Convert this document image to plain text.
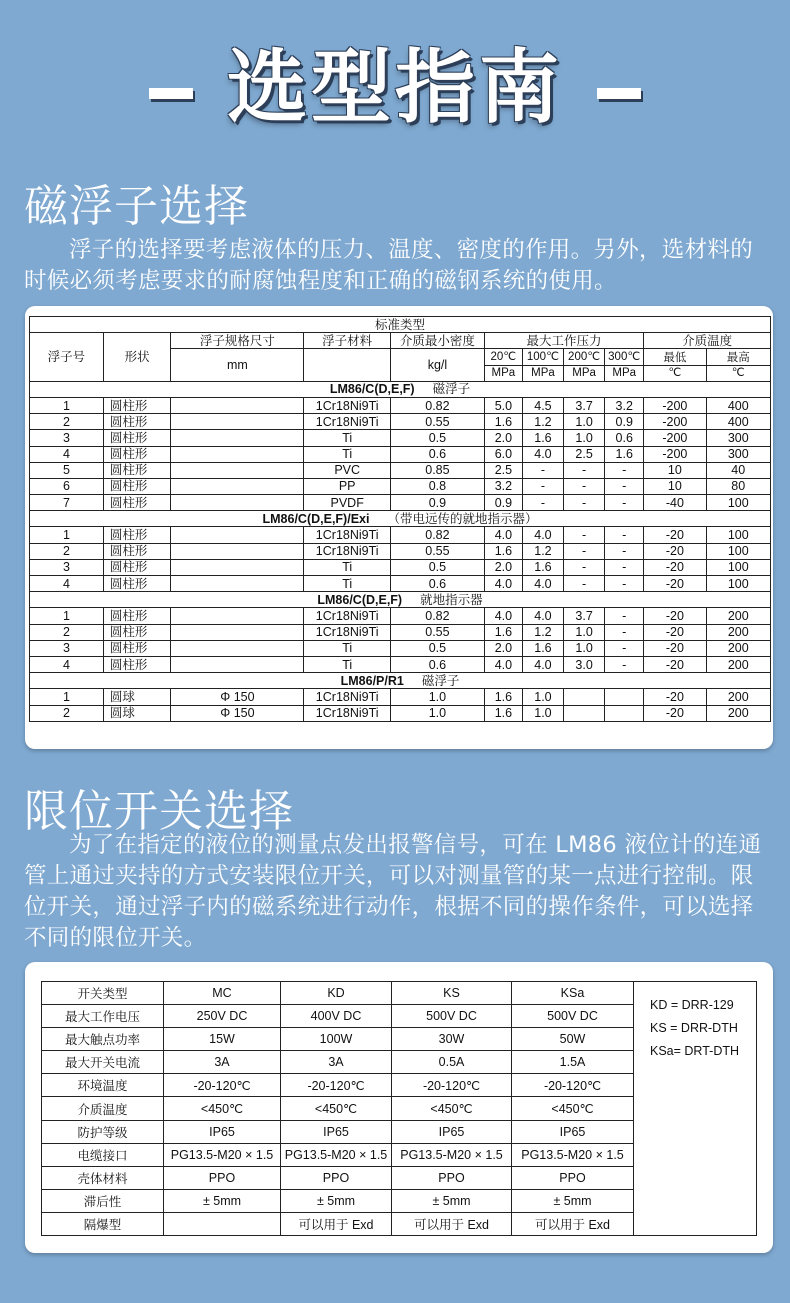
选型指南
磁浮子选择
浮子的选择要考虑液体的压力、温度、密度的作用。另外，选材料的时候必须考虑要求的耐腐蚀程度和正确的磁钢系统的使用。
标准类型										
浮子号	形状	浮子规格尺寸	浮子材料	介质最小密度	最大工作压力				介质温度	
		mm		kg/l	20℃	100℃	200℃	300℃	最低	最高
					MPa	MPa	MPa	MPa	℃	℃
LM86/C(D,E,F) 磁浮子										
1	圆柱形		1Cr18Ni9Ti	0.82	5.0	4.5	3.7	3.2	-200	400
2	圆柱形		1Cr18Ni9Ti	0.55	1.6	1.2	1.0	0.9	-200	400
3	圆柱形		Ti	0.5	2.0	1.6	1.0	0.6	-200	300
4	圆柱形		Ti	0.6	6.0	4.0	2.5	1.6	-200	300
5	圆柱形		PVC	0.85	2.5	-	-	-	10	40
6	圆柱形		PP	0.8	3.2	-	-	-	10	80
7	圆柱形		PVDF	0.9	0.9	-	-	-	-40	100
LM86/C(D,E,F)/Exi （带电远传的就地指示器）										
1	圆柱形		1Cr18Ni9Ti	0.82	4.0	4.0	-	-	-20	100
2	圆柱形		1Cr18Ni9Ti	0.55	1.6	1.2	-	-	-20	100
3	圆柱形		Ti	0.5	2.0	1.6	-	-	-20	100
4	圆柱形		Ti	0.6	4.0	4.0	-	-	-20	100
LM86/C(D,E,F) 就地指示器										
1	圆柱形		1Cr18Ni9Ti	0.82	4.0	4.0	3.7	-	-20	200
2	圆柱形		1Cr18Ni9Ti	0.55	1.6	1.2	1.0	-	-20	200
3	圆柱形		Ti	0.5	2.0	1.6	1.0	-	-20	200
4	圆柱形		Ti	0.6	4.0	4.0	3.0	-	-20	200
LM86/P/R1 磁浮子										
1	圆球	Φ 150	1Cr18Ni9Ti	1.0	1.6	1.0			-20	200
2	圆球	Φ 150	1Cr18Ni9Ti	1.0	1.6	1.0			-20	200
限位开关选择
为了在指定的液位的测量点发出报警信号，可在 LM86 液位计的连通管上通过夹持的方式安装限位开关，可以对测量管的某一点进行控制。限位开关，通过浮子内的磁系统进行动作，根据不同的操作条件，可以选择不同的限位开关。
开关类型	MC	KD	KS	KSa	KD = DRR-129
KS = DRR-DTH
KSa= DRT-DTH

最大工作电压	250V DC	400V DC	500V DC	500V DC	
最大触点功率	15W	100W	30W	50W	
最大开关电流	3A	3A	0.5A	1.5A	
环境温度	-20-120℃	-20-120℃	-20-120℃	-20-120℃	
介质温度	<450℃	<450℃	<450℃	<450℃	
防护等级	IP65	IP65	IP65	IP65	
电缆接口	PG13.5-M20 × 1.5	PG13.5-M20 × 1.5	PG13.5-M20 × 1.5	PG13.5-M20 × 1.5	
壳体材料	PPO	PPO	PPO	PPO	
滞后性	± 5mm	± 5mm	± 5mm	± 5mm	
隔爆型		可以用于 Exd	可以用于 Exd	可以用于 Exd	
